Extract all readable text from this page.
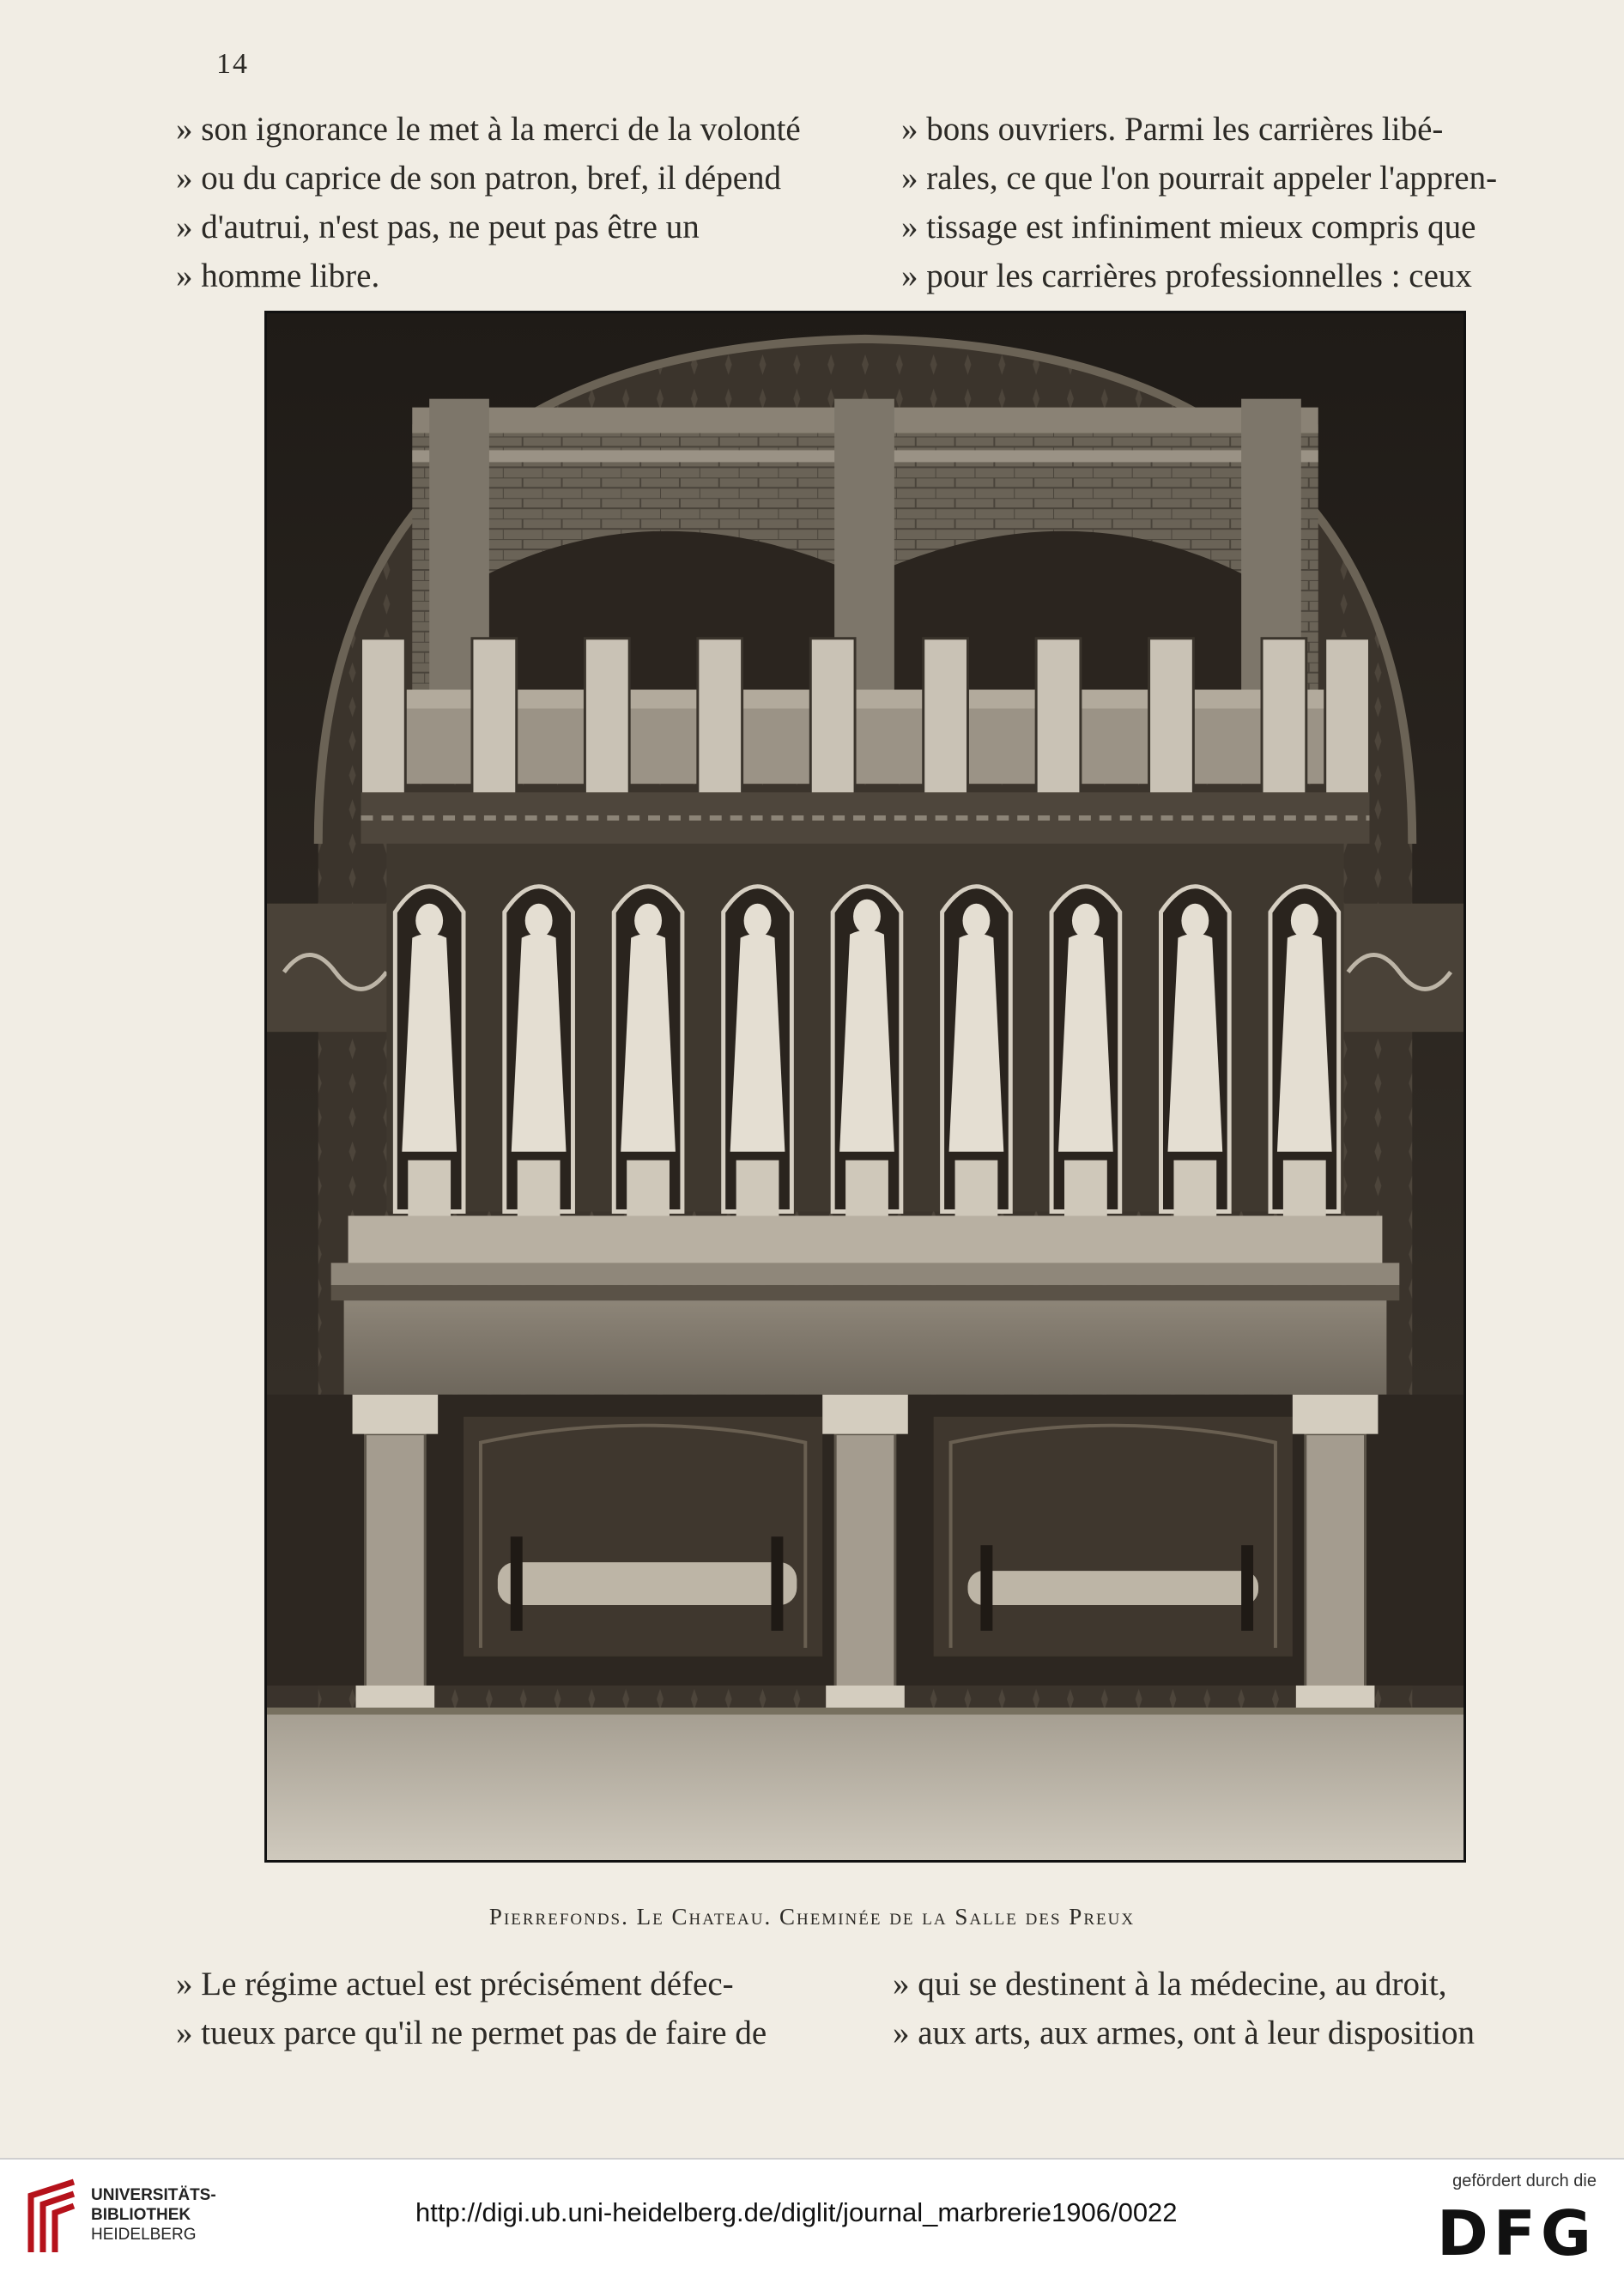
14
» son ignorance le met à la merci de la volonté
» ou du caprice de son patron, bref, il dépend
» d'autrui, n'est pas, ne peut pas être un
» homme libre.
» bons ouvriers. Parmi les carrières libé-
» rales, ce que l'on pourrait appeler l'appren-
» tissage est infiniment mieux compris que
» pour les carrières professionnelles : ceux
Pierrefonds. Le Chateau. Cheminée de la Salle des Preux
» Le régime actuel est précisément défec-
» tueux parce qu'il ne permet pas de faire de
» qui se destinent à la médecine, au droit,
» aux arts, aux armes, ont à leur disposition
UNIVERSITÄTS-
BIBLIOTHEK
HEIDELBERG
http://digi.ub.uni-heidelberg.de/diglit/journal_marbrerie1906/0022
gefördert durch die
DFG
